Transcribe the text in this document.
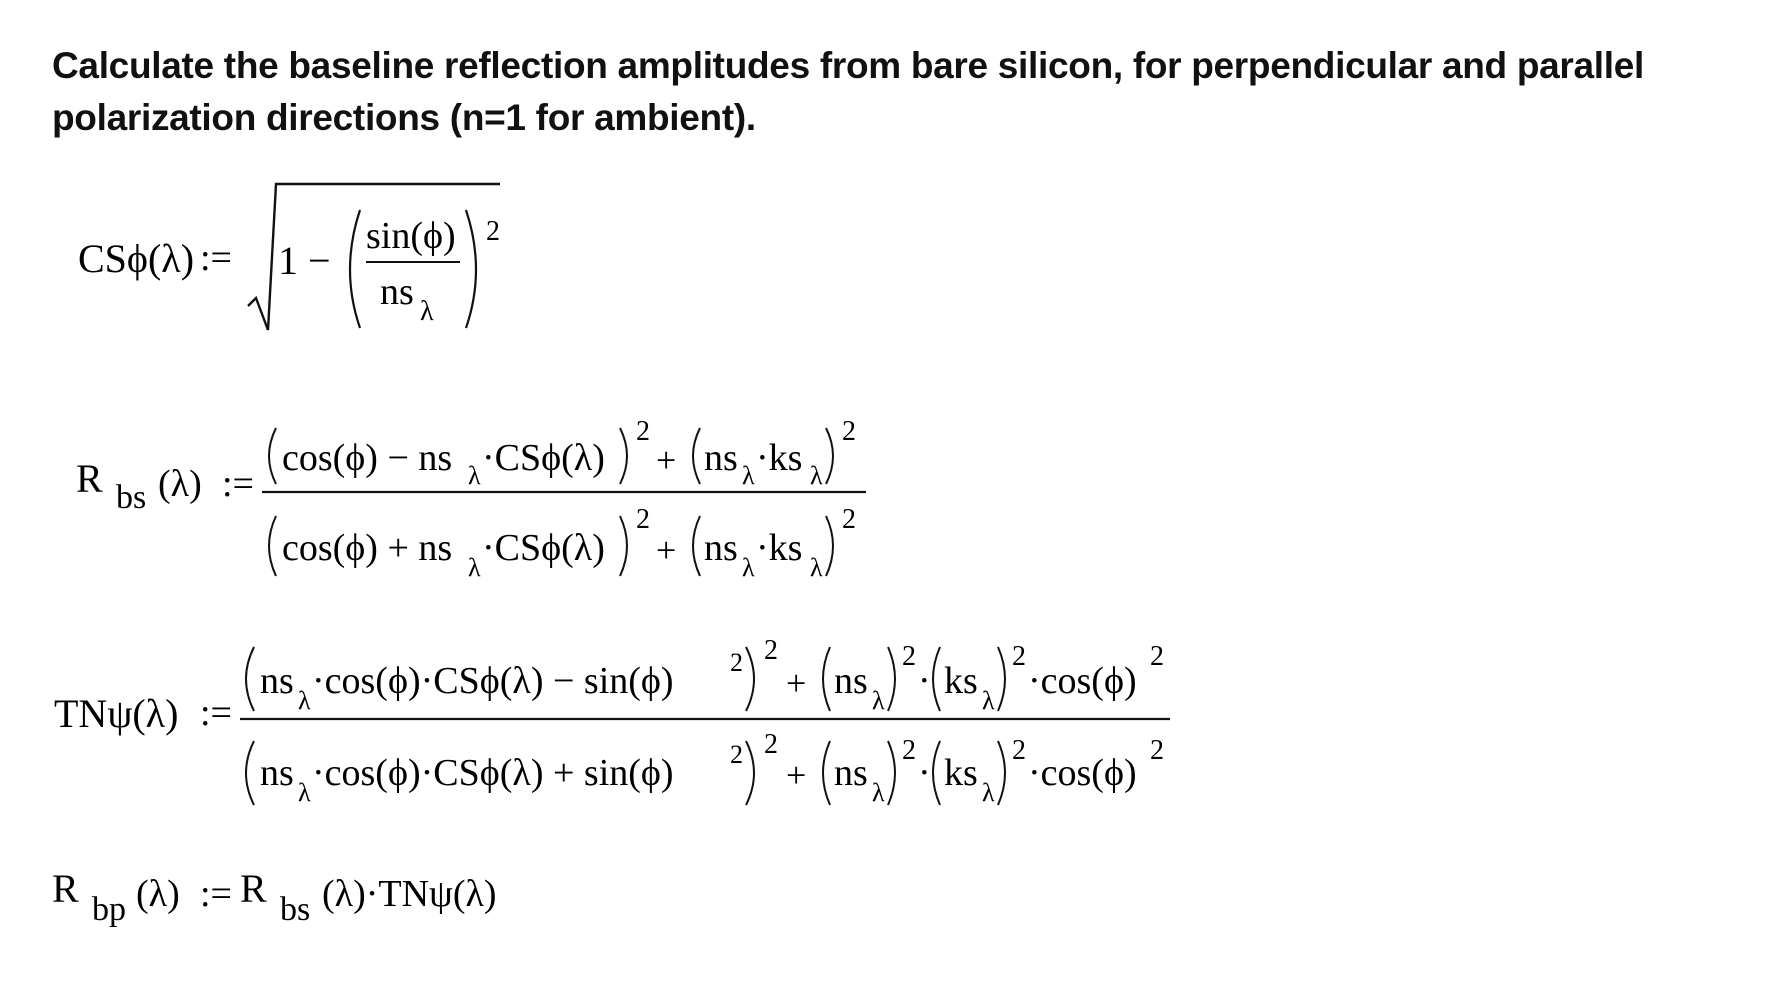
Calculate the baseline reflection amplitudes from bare silicon, for perpendicular and parallel
polarization directions (n=1 for ambient).
CSϕ(λ) := 1 −
sin(ϕ)
ns λ
2
R bs (λ) :=
cos(ϕ) − ns λ ·CSϕ(λ)
2
+ ns λ ·ks λ
2
cos(ϕ) + ns λ ·CSϕ(λ)
2
+ ns λ ·ks λ
2
TNψ(λ) :=
ns λ ·cos(ϕ)·CSϕ(λ) − sin(ϕ) 2 2
+ ns λ
2
· ks λ
2
·cos(ϕ)
2
ns λ ·cos(ϕ)·CSϕ(λ) + sin(ϕ) 2 2
+ ns λ
2
· ks λ
2
·cos(ϕ)
2
R bp (λ) := R bs (λ)·TNψ(λ)
